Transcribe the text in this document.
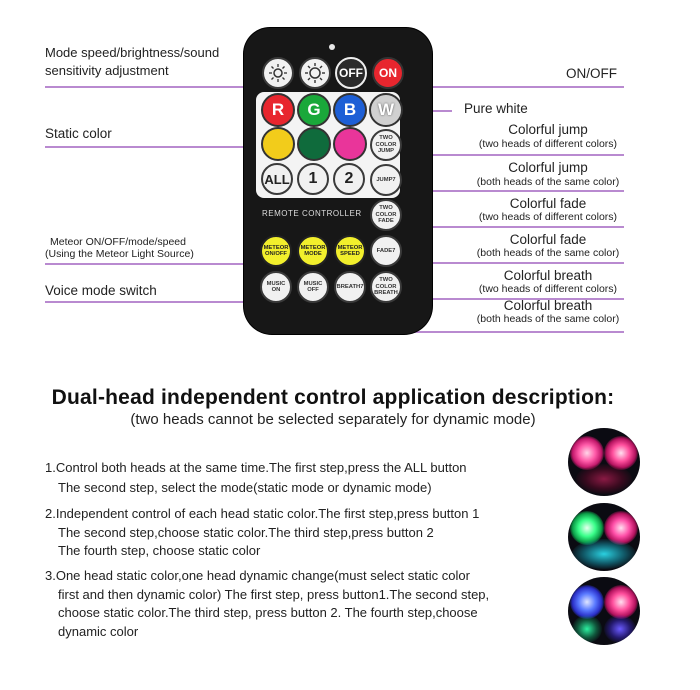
Mode speed/brightness/sound
sensitivity adjustment
Static color
Meteor ON/OFF/mode/speed
(Using the Meteor Light Source)
Voice mode switch
ON/OFF
Pure white
Colorful jump
(two heads of different colors)
Colorful jump
(both heads of the same color)
Colorful fade
(two heads of different colors)
Colorful fade
(both heads of the same color)
Colorful breath
(two heads of different colors)
Colorful breath
(both heads of the same color)
OFF	ON
R	G	B	W
ALL	1	2
TWO COLOR JUMP
JUMP7
TWO COLOR FADE
FADE7
TWO COLOR BREATH
REMOTE CONTROLLER
METEOR ON/OFF
METEOR MODE
METEOR SPEED
MUSIC ON
MUSIC OFF
BREATH7
Dual-head independent control application description:
(two heads cannot be selected separately for dynamic mode)
1.Control both heads at the same time.The first step,press the ALL button
The second step, select the mode(static mode or dynamic mode)
2.Independent control of each head static color.The first step,press button 1
The second step,choose static color.The third step,press button 2
The fourth step, choose static color
3.One head static color,one head dynamic change(must select static color
first and then dynamic color) The first step, press button1.The second step,
choose static color.The third step, press button 2. The fourth step,choose
dynamic color
